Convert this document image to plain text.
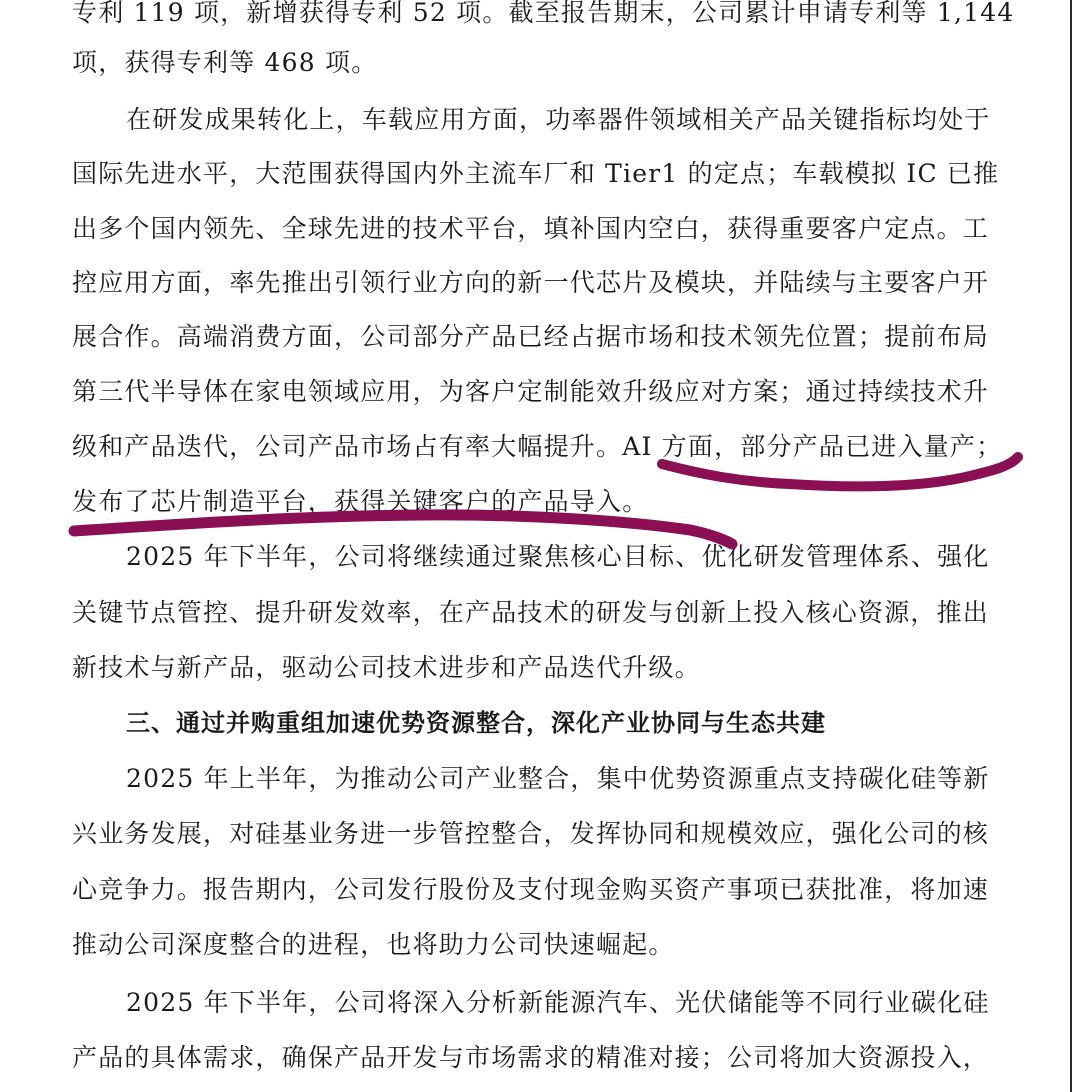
专利 119 项，新增获得专利 52 项。截至报告期末，公司累计申请专利等 1,144
项，获得专利等 468 项。
在研发成果转化上，车载应用方面，功率器件领域相关产品关键指标均处于
国际先进水平，大范围获得国内外主流车厂和 Tier1 的定点；车载模拟 IC 已推
出多个国内领先、全球先进的技术平台，填补国内空白，获得重要客户定点。工
控应用方面，率先推出引领行业方向的新一代芯片及模块，并陆续与主要客户开
展合作。高端消费方面，公司部分产品已经占据市场和技术领先位置；提前布局
第三代半导体在家电领域应用，为客户定制能效升级应对方案；通过持续技术升
级和产品迭代，公司产品市场占有率大幅提升。AI 方面，部分产品已进入量产；
发布了芯片制造平台，获得关键客户的产品导入。
2025 年下半年，公司将继续通过聚焦核心目标、优化研发管理体系、强化
关键节点管控、提升研发效率，在产品技术的研发与创新上投入核心资源，推出
新技术与新产品，驱动公司技术进步和产品迭代升级。
三、通过并购重组加速优势资源整合，深化产业协同与生态共建
2025 年上半年，为推动公司产业整合，集中优势资源重点支持碳化硅等新
兴业务发展，对硅基业务进一步管控整合，发挥协同和规模效应，强化公司的核
心竞争力。报告期内，公司发行股份及支付现金购买资产事项已获批准，将加速
推动公司深度整合的进程，也将助力公司快速崛起。
2025 年下半年，公司将深入分析新能源汽车、光伏储能等不同行业碳化硅
产品的具体需求，确保产品开发与市场需求的精准对接；公司将加大资源投入，
